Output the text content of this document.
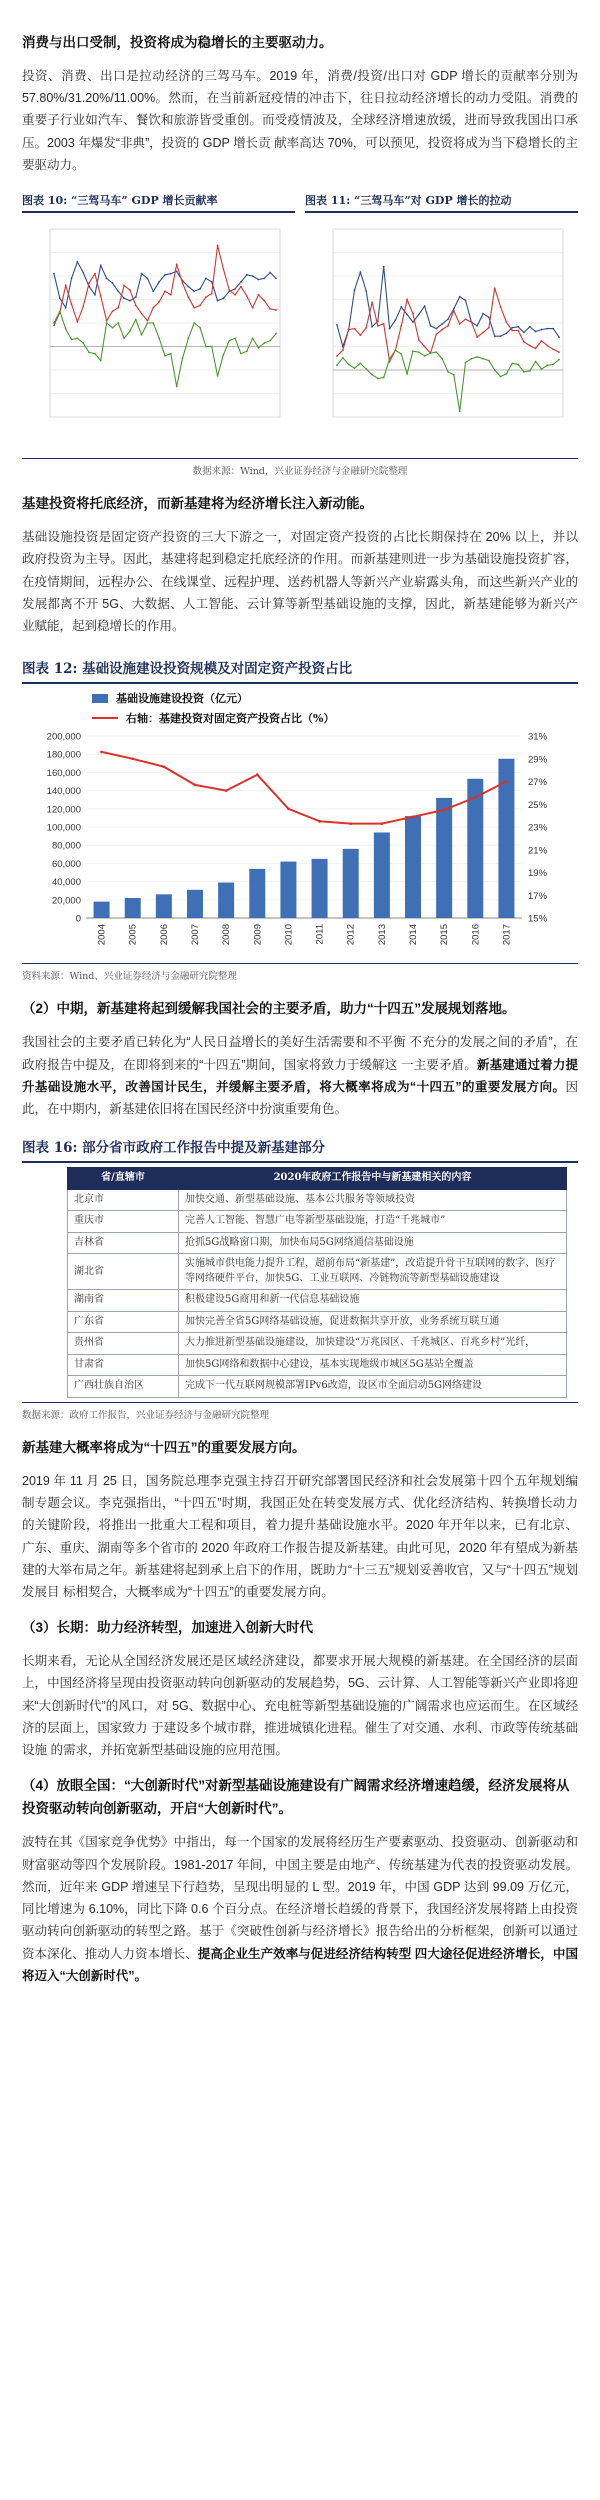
消费与出口受制，投资将成为稳增长的主要驱动力。
投资、消费、出口是拉动经济的三驾马车。2019 年，消费/投资/出口对 GDP 增长的贡献率分别为 57.80%/31.20%/11.00%。然而，在当前新冠疫情的冲击下，往日拉动经济增长的动力受阻。消费的重要子行业如汽车、餐饮和旅游皆受重创。而受疫情波及，全球经济增速放缓，进而导致我国出口承压。2003 年爆发“非典”，投资的 GDP 增长贡 献率高达 70%，可以预见，投资将成为当下稳增长的主要驱动力。
图表 10: “三驾马车” GDP 增长贡献率	图表 11: “三驾马车”对 GDP 增长的拉动
数据来源：Wind，兴业证券经济与金融研究院整理
基建投资将托底经济，而新基建将为经济增长注入新动能。
基础设施投资是固定资产投资的三大下游之一，对固定资产投资的占比长期保持在 20% 以上，并以政府投资为主导。因此，基建将起到稳定托底经济的作用。而新基建则进一步为基础设施投资扩容，在疫情期间，远程办公、在线课堂、远程护理、送药机器人等新兴产业崭露头角，而这些新兴产业的发展都离不开 5G、大数据、人工智能、云计算等新型基础设施的支撑，因此，新基建能够为新兴产业赋能，起到稳增长的作用。
图表 12: 基础设施建设投资规模及对固定资产投资占比
基础设施建设投资（亿元）
右轴：基建投资对固定资产投资占比（%）
0
20,000
40,000
60,000
80,000
100,000
120,000
140,000
160,000
180,000
200,000
15%
17%
19%
21%
23%
25%
27%
29%
31%
2004 2005 2006 2007 2008 2009 2010 2011 2012 2013 2014 2015 2016 2017
资料来源：Wind、兴业证券经济与金融研究院整理
（2）中期，新基建将起到缓解我国社会的主要矛盾，助力“十四五”发展规划落地。
我国社会的主要矛盾已转化为“人民日益增长的美好生活需要和不平衡 不充分的发展之间的矛盾”，在政府报告中提及，在即将到来的“十四五”期间，国家将致力于缓解这 一主要矛盾。新基建通过着力提升基础设施水平，改善国计民生，并缓解主要矛盾，将大概率将成为“十四五”的重要发展方向。因此，在中期内，新基建依旧将在国民经济中扮演重要角色。
图表 16: 部分省市政府工作报告中提及新基建部分
省/直辖市	2020年政府工作报告中与新基建相关的内容
北京市	加快交通、新型基础设施、基本公共服务等领域投资
重庆市	完善人工智能、智慧广电等新型基础设施，打造“千兆城市”
吉林省	抢抓5G战略窗口期，加快布局5G网络通信基础设施
湖北省	实施城市供电能力提升工程，超前布局“新基建”，改造提升骨干互联网的数字、医疗等网络硬件平台，加快5G、工业互联网、冷链物流等新型基础设施建设
湖南省	积极建设5G商用和新一代信息基础设施
广东省	加快完善全省5G网络基础设施，促进数据共享开放，业务系统互联互通
贵州省	大力推进新型基础设施建设，加快建设“万兆园区、千兆城区、百兆乡村”光纤，
甘肃省	加快5G网络和数据中心建设，基本实现地级市城区5G基站全覆盖
广西壮族自治区	完成下一代互联网规模部署IPv6改造，设区市全面启动5G网络建设
数据来源：政府工作报告，兴业证券经济与金融研究院整理
新基建大概率将成为“十四五”的重要发展方向。
2019 年 11 月 25 日，国务院总理李克强主持召开研究部署国民经济和社会发展第十四个五年规划编制专题会议。李克强指出，“十四五”时期，我国正处在转变发展方式、优化经济结构、转换增长动力的关键阶段，将推出一批重大工程和项目，着力提升基础设施水平。2020 年开年以来，已有北京、广东、重庆、湖南等多个省市的 2020 年政府工作报告提及新基建。由此可见，2020 年有望成为新基建的大举布局之年。新基建将起到承上启下的作用，既助力“十三五”规划妥善收官，又与“十四五”规划发展目 标相契合，大概率成为“十四五”的重要发展方向。
（3）长期：助力经济转型，加速进入创新大时代
长期来看，无论从全国经济发展还是区域经济建设，都要求开展大规模的新基建。在全国经济的层面上，中国经济将呈现由投资驱动转向创新驱动的发展趋势，5G、云计算、人工智能等新兴产业即将迎来“大创新时代”的风口，对 5G、数据中心、充电桩等新型基础设施的广阔需求也应运而生。在区域经济的层面上，国家致力 于建设多个城市群，推进城镇化进程。催生了对交通、水利、市政等传统基础设施 的需求，并拓宽新型基础设施的应用范围。
（4）放眼全国：“大创新时代”对新型基础设施建设有广阔需求经济增速趋缓，经济发展将从投资驱动转向创新驱动，开启“大创新时代”。
波特在其《国家竞争优势》中指出，每一个国家的发展将经历生产要素驱动、投资驱动、创新驱动和财富驱动等四个发展阶段。1981-2017 年间，中国主要是由地产、传统基建为代表的投资驱动发展。然而，近年来 GDP 增速呈下行趋势，呈现出明显的 L 型。2019 年，中国 GDP 达到 99.09 万亿元，同比增速为 6.10%，同比下降 0.6 个百分点。在经济增长趋缓的背景下，我国经济发展将踏上由投资驱动转向创新驱动的转型之路。基于《突破性创新与经济增长》报告给出的分析框架，创新可以通过资本深化、推动人力资本增长、提高企业生产效率与促进经济结构转型 四大途径促进经济增长，中国将迈入“大创新时代”。
